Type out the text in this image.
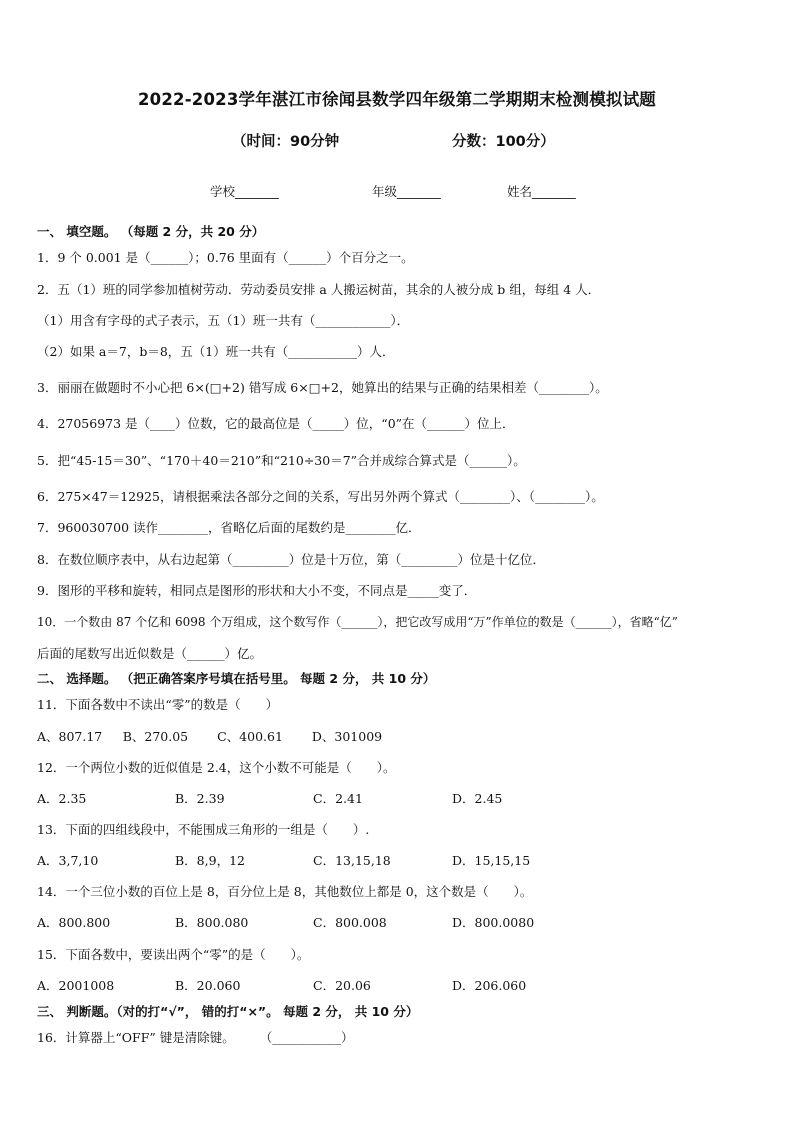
2022-2023学年湛江市徐闻县数学四年级第二学期期末检测模拟试题
（时间：90分钟	分数：100分）
学校_______	年级_______	姓名_______
一、 填空题。 （每题 2 分，共 20 分）
1．9 个 0.001 是（______）；0.76 里面有（______）个百分之一。
2．五（1）班的同学参加植树劳动．劳动委员安排 a 人搬运树苗，其余的人被分成 b 组，每组 4 人．
（1）用含有字母的式子表示，五（1）班一共有（____________）．
（2）如果 a＝7，b＝8，五（1）班一共有（___________）人．
3．丽丽在做题时不小心把 6×(□+2) 错写成 6×□+2，她算出的结果与正确的结果相差（________）。
4．27056973 是（____）位数，它的最高位是（_____）位，“0”在（______）位上．
5．把“45-15＝30”、“170＋40＝210”和“210÷30＝7”合并成综合算式是（______）。
6．275×47＝12925，请根据乘法各部分之间的关系，写出另外两个算式（________）、（________）。
7．960030700 读作________，省略亿后面的尾数约是________亿．
8．在数位顺序表中，从右边起第（_________）位是十万位，第（_________）位是十亿位．
9．图形的平移和旋转，相同点是图形的形状和大小不变，不同点是_____变了．
10．一个数由 87 个亿和 6098 个万组成，这个数写作（______），把它改写成用“万”作单位的数是（______），省略“亿”
后面的尾数写出近似数是（______）亿。
二、 选择题。 （把正确答案序号填在括号里。 每题 2 分， 共 10 分）
11．下面各数中不读出“零”的数是（　　）
A、807.17 　 B、270.05 　　C、400.61　　 D、301009
12．一个两位小数的近似值是 2.4，这个小数不可能是（　　）。
A．2.35	B．2.39	C．2.41	D．2.45
13．下面的四组线段中，不能围成三角形的一组是（　　）.
A．3,7,10	B．8,9，12	C．13,15,18	D．15,15,15
14．一个三位小数的百位上是 8，百分位上是 8，其他数位上都是 0，这个数是（　　）。
A．800.800	B．800.080	C．800.008	D．800.0080
15．下面各数中，要读出两个“零”的是（　　）。
A．2001008	B．20.060	C．20.06	D．206.060
三、 判断题。（对的打“√”， 错的打“×”。 每题 2 分， 共 10 分）
16．计算器上“OFF” 键是清除键。　　　（___________）
